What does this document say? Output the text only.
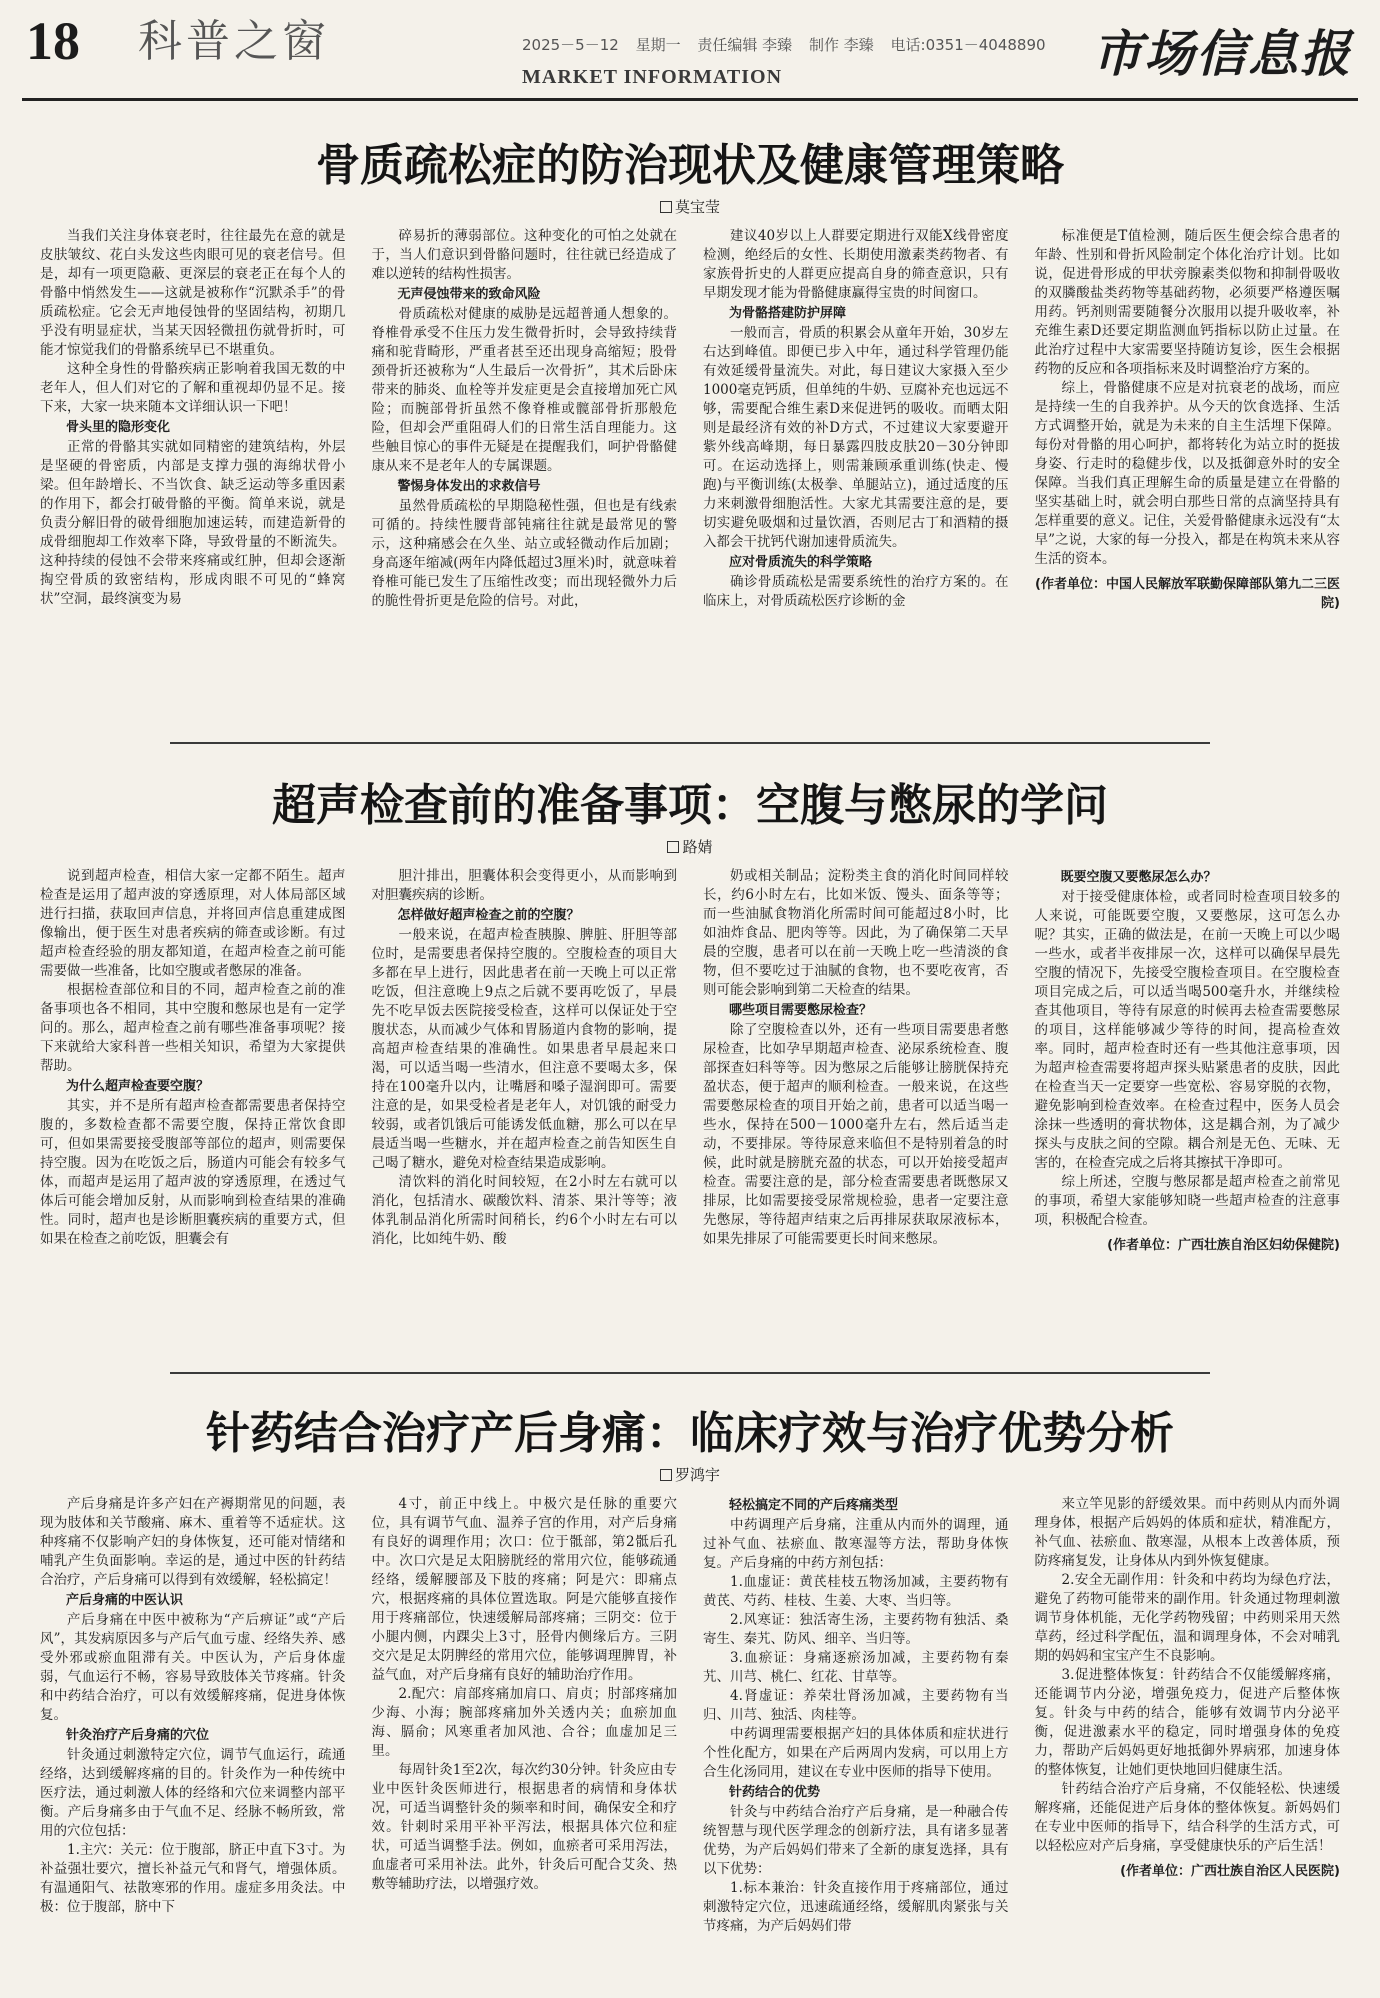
18 科普之窗	2025－5－12 星期一 责任编辑 李臻 制作 李臻 电话:0351－4048890
MARKET INFORMATION	市场信息报
骨质疏松症的防治现状及健康管理策略
莫宝莹

当我们关注身体衰老时，往往最先在意的就是皮肤皱纹、花白头发这些肉眼可见的衰老信号。但是，却有一项更隐蔽、更深层的衰老正在每个人的骨骼中悄然发生——这就是被称作“沉默杀手”的骨质疏松症。它会无声地侵蚀骨的坚固结构，初期几乎没有明显症状，当某天因轻微扭伤就骨折时，可能才惊觉我们的骨骼系统早已不堪重负。

这种全身性的骨骼疾病正影响着我国无数的中老年人，但人们对它的了解和重视却仍显不足。接下来，大家一块来随本文详细认识一下吧！

骨头里的隐形变化

正常的骨骼其实就如同精密的建筑结构，外层是坚硬的骨密质，内部是支撑力强的海绵状骨小梁。但年龄增长、不当饮食、缺乏运动等多重因素的作用下，都会打破骨骼的平衡。简单来说，就是负责分解旧骨的破骨细胞加速运转，而建造新骨的成骨细胞却工作效率下降，导致骨量的不断流失。这种持续的侵蚀不会带来疼痛或红肿，但却会逐渐掏空骨质的致密结构，形成肉眼不可见的“蜂窝状”空洞，最终演变为易

碎易折的薄弱部位。这种变化的可怕之处就在于，当人们意识到骨骼问题时，往往就已经造成了难以逆转的结构性损害。

无声侵蚀带来的致命风险

骨质疏松对健康的威胁是远超普通人想象的。脊椎骨承受不住压力发生微骨折时，会导致持续背痛和驼背畸形，严重者甚至还出现身高缩短；股骨颈骨折还被称为“人生最后一次骨折”，其术后卧床带来的肺炎、血栓等并发症更是会直接增加死亡风险；而腕部骨折虽然不像脊椎或髋部骨折那般危险，但却会严重阻碍人们的日常生活自理能力。这些触目惊心的事件无疑是在提醒我们，呵护骨骼健康从来不是老年人的专属课题。

警惕身体发出的求救信号

虽然骨质疏松的早期隐秘性强，但也是有线索可循的。持续性腰背部钝痛往往就是最常见的警示，这种痛感会在久坐、站立或轻微动作后加剧；身高逐年缩减(两年内降低超过3厘米)时，就意味着脊椎可能已发生了压缩性改变；而出现轻微外力后的脆性骨折更是危险的信号。对此，

建议40岁以上人群要定期进行双能X线骨密度检测，绝经后的女性、长期使用激素类药物者、有家族骨折史的人群更应提高自身的筛查意识，只有早期发现才能为骨骼健康赢得宝贵的时间窗口。

为骨骼搭建防护屏障

一般而言，骨质的积累会从童年开始，30岁左右达到峰值。即便已步入中年，通过科学管理仍能有效延缓骨量流失。对此，每日建议大家摄入至少1000毫克钙质，但单纯的牛奶、豆腐补充也远远不够，需要配合维生素D来促进钙的吸收。而晒太阳则是最经济有效的补D方式，不过建议大家要避开紫外线高峰期，每日暴露四肢皮肤20－30分钟即可。在运动选择上，则需兼顾承重训练(快走、慢跑)与平衡训练(太极拳、单腿站立)，通过适度的压力来刺激骨细胞活性。大家尤其需要注意的是，要切实避免吸烟和过量饮酒，否则尼古丁和酒精的摄入都会干扰钙代谢加速骨质流失。

应对骨质流失的科学策略

确诊骨质疏松是需要系统性的治疗方案的。在临床上，对骨质疏松医疗诊断的金

标准便是T值检测，随后医生便会综合患者的年龄、性别和骨折风险制定个体化治疗计划。比如说，促进骨形成的甲状旁腺素类似物和抑制骨吸收的双膦酸盐类药物等基础药物，必须要严格遵医嘱用药。钙剂则需要随餐分次服用以提升吸收率，补充维生素D还要定期监测血钙指标以防止过量。在此治疗过程中大家需要坚持随访复诊，医生会根据药物的反应和各项指标来及时调整治疗方案的。

综上，骨骼健康不应是对抗衰老的战场，而应是持续一生的自我养护。从今天的饮食选择、生活方式调整开始，就是为未来的自主生活埋下保障。每份对骨骼的用心呵护，都将转化为站立时的挺拔身姿、行走时的稳健步伐，以及抵御意外时的安全保障。当我们真正理解生命的质量是建立在骨骼的坚实基础上时，就会明白那些日常的点滴坚持具有怎样重要的意义。记住，关爱骨骼健康永远没有“太早”之说，大家的每一分投入，都是在构筑未来从容生活的资本。

(作者单位：中国人民解放军联勤保障部队第九二三医院)

超声检查前的准备事项：空腹与憋尿的学问
路婧

说到超声检查，相信大家一定都不陌生。超声检查是运用了超声波的穿透原理，对人体局部区域进行扫描，获取回声信息，并将回声信息重建成图像输出，便于医生对患者疾病的筛查或诊断。有过超声检查经验的朋友都知道，在超声检查之前可能需要做一些准备，比如空腹或者憋尿的准备。

根据检查部位和目的不同，超声检查之前的准备事项也各不相同，其中空腹和憋尿也是有一定学问的。那么，超声检查之前有哪些准备事项呢？接下来就给大家科普一些相关知识，希望为大家提供帮助。

为什么超声检查要空腹？

其实，并不是所有超声检查都需要患者保持空腹的，多数检查都不需要空腹，保持正常饮食即可，但如果需要接受腹部等部位的超声，则需要保持空腹。因为在吃饭之后，肠道内可能会有较多气体，而超声是运用了超声波的穿透原理，在透过气体后可能会增加反射，从而影响到检查结果的准确性。同时，超声也是诊断胆囊疾病的重要方式，但如果在检查之前吃饭，胆囊会有

胆汁排出，胆囊体积会变得更小，从而影响到对胆囊疾病的诊断。

怎样做好超声检查之前的空腹？

一般来说，在超声检查胰腺、脾脏、肝胆等部位时，是需要患者保持空腹的。空腹检查的项目大多都在早上进行，因此患者在前一天晚上可以正常吃饭，但注意晚上9点之后就不要再吃饭了，早晨先不吃早饭去医院接受检查，这样可以保证处于空腹状态，从而减少气体和胃肠道内食物的影响，提高超声检查结果的准确性。如果患者早晨起来口渴，可以适当喝一些清水，但注意不要喝太多，保持在100毫升以内，让嘴唇和嗓子湿润即可。需要注意的是，如果受检者是老年人，对饥饿的耐受力较弱，或者饥饿后可能诱发低血糖，那么可以在早晨适当喝一些糖水，并在超声检查之前告知医生自己喝了糖水，避免对检查结果造成影响。

清饮料的消化时间较短，在2小时左右就可以消化，包括清水、碳酸饮料、清茶、果汁等等；液体乳制品消化所需时间稍长，约6个小时左右可以消化，比如纯牛奶、酸

奶或相关制品；淀粉类主食的消化时间同样较长，约6小时左右，比如米饭、馒头、面条等等；而一些油腻食物消化所需时间可能超过8小时，比如油炸食品、肥肉等等。因此，为了确保第二天早晨的空腹，患者可以在前一天晚上吃一些清淡的食物，但不要吃过于油腻的食物，也不要吃夜宵，否则可能会影响到第二天检查的结果。

哪些项目需要憋尿检查？

除了空腹检查以外，还有一些项目需要患者憋尿检查，比如孕早期超声检查、泌尿系统检查、腹部探查妇科等等。因为憋尿之后能够让膀胱保持充盈状态，便于超声的顺利检查。一般来说，在这些需要憋尿检查的项目开始之前，患者可以适当喝一些水，保持在500－1000毫升左右，然后适当走动，不要排尿。等待尿意来临但不是特别着急的时候，此时就是膀胱充盈的状态，可以开始接受超声检查。需要注意的是，部分检查需要患者既憋尿又排尿，比如需要接受尿常规检验，患者一定要注意先憋尿，等待超声结束之后再排尿获取尿液标本，如果先排尿了可能需要更长时间来憋尿。

既要空腹又要憋尿怎么办？

对于接受健康体检，或者同时检查项目较多的人来说，可能既要空腹，又要憋尿，这可怎么办呢？其实，正确的做法是，在前一天晚上可以少喝一些水，或者半夜排尿一次，这样可以确保早晨先空腹的情况下，先接受空腹检查项目。在空腹检查项目完成之后，可以适当喝500毫升水，并继续检查其他项目，等待有尿意的时候再去检查需要憋尿的项目，这样能够减少等待的时间，提高检查效率。同时，超声检查时还有一些其他注意事项，因为超声检查需要将超声探头贴紧患者的皮肤，因此在检查当天一定要穿一些宽松、容易穿脱的衣物，避免影响到检查效率。在检查过程中，医务人员会涂抹一些透明的膏状物体，这是耦合剂，为了减少探头与皮肤之间的空隙。耦合剂是无色、无味、无害的，在检查完成之后将其擦拭干净即可。

综上所述，空腹与憋尿都是超声检查之前常见的事项，希望大家能够知晓一些超声检查的注意事项，积极配合检查。

(作者单位：广西壮族自治区妇幼保健院)

针药结合治疗产后身痛：临床疗效与治疗优势分析
罗鸿宇

产后身痛是许多产妇在产褥期常见的问题，表现为肢体和关节酸痛、麻木、重着等不适症状。这种疼痛不仅影响产妇的身体恢复，还可能对情绪和哺乳产生负面影响。幸运的是，通过中医的针药结合治疗，产后身痛可以得到有效缓解，轻松搞定！

产后身痛的中医认识

产后身痛在中医中被称为“产后痹证”或“产后风”，其发病原因多与产后气血亏虚、经络失养、感受外邪或瘀血阻滞有关。中医认为，产后身体虚弱，气血运行不畅，容易导致肢体关节疼痛。针灸和中药结合治疗，可以有效缓解疼痛，促进身体恢复。

针灸治疗产后身痛的穴位

针灸通过刺激特定穴位，调节气血运行，疏通经络，达到缓解疼痛的目的。针灸作为一种传统中医疗法，通过刺激人体的经络和穴位来调整内部平衡。产后身痛多由于气血不足、经脉不畅所致，常用的穴位包括：

1.主穴：关元：位于腹部，脐正中直下3寸。为补益强壮要穴，擅长补益元气和肾气，增强体质。有温通阳气、祛散寒邪的作用。虚症多用灸法。中极：位于腹部，脐中下

4寸，前正中线上。中极穴是任脉的重要穴位，具有调节气血、温养子宫的作用，对产后身痛有良好的调理作用；次口：位于骶部，第2骶后孔中。次口穴是足太阳膀胱经的常用穴位，能够疏通经络，缓解腰部及下肢的疼痛；阿是穴：即痛点穴，根据疼痛的具体位置选取。阿是穴能够直接作用于疼痛部位，快速缓解局部疼痛；三阴交：位于小腿内侧，内踝尖上3寸，胫骨内侧缘后方。三阴交穴是足太阴脾经的常用穴位，能够调理脾胃，补益气血，对产后身痛有良好的辅助治疗作用。

2.配穴：肩部疼痛加肩口、肩贞；肘部疼痛加少海、小海；腕部疼痛加外关透内关；血瘀加血海、膈俞；风寒重者加风池、合谷；血虚加足三里。

每周针灸1至2次，每次约30分钟。针灸应由专业中医针灸医师进行，根据患者的病情和身体状况，可适当调整针灸的频率和时间，确保安全和疗效。针刺时采用平补平泻法，根据具体穴位和症状，可适当调整手法。例如，血瘀者可采用泻法，血虚者可采用补法。此外，针灸后可配合艾灸、热敷等辅助疗法，以增强疗效。

轻松搞定不同的产后疼痛类型

中药调理产后身痛，注重从内而外的调理，通过补气血、祛瘀血、散寒湿等方法，帮助身体恢复。产后身痛的中药方剂包括：

1.血虚证：黄芪桂枝五物汤加减，主要药物有黄芪、芍药、桂枝、生姜、大枣、当归等。

2.风寒证：独活寄生汤，主要药物有独活、桑寄生、秦艽、防风、细辛、当归等。

3.血瘀证：身痛逐瘀汤加减，主要药物有秦艽、川芎、桃仁、红花、甘草等。

4.肾虚证：养荣壮肾汤加减，主要药物有当归、川芎、独活、肉桂等。

中药调理需要根据产妇的具体体质和症状进行个性化配方，如果在产后两周内发病，可以用上方合生化汤同用，建议在专业中医师的指导下使用。

针药结合的优势

针灸与中药结合治疗产后身痛，是一种融合传统智慧与现代医学理念的创新疗法，具有诸多显著优势，为产后妈妈们带来了全新的康复选择，具有以下优势：

1.标本兼治：针灸直接作用于疼痛部位，通过刺激特定穴位，迅速疏通经络，缓解肌肉紧张与关节疼痛，为产后妈妈们带

来立竿见影的舒缓效果。而中药则从内而外调理身体，根据产后妈妈的体质和症状，精准配方，补气血、祛瘀血、散寒湿，从根本上改善体质，预防疼痛复发，让身体从内到外恢复健康。

2.安全无副作用：针灸和中药均为绿色疗法，避免了药物可能带来的副作用。针灸通过物理刺激调节身体机能，无化学药物残留；中药则采用天然草药，经过科学配伍，温和调理身体，不会对哺乳期的妈妈和宝宝产生不良影响。

3.促进整体恢复：针药结合不仅能缓解疼痛，还能调节内分泌，增强免疫力，促进产后整体恢复。针灸与中药的结合，能够有效调节内分泌平衡，促进激素水平的稳定，同时增强身体的免疫力，帮助产后妈妈更好地抵御外界病邪，加速身体的整体恢复，让她们更快地回归健康生活。

针药结合治疗产后身痛，不仅能轻松、快速缓解疼痛，还能促进产后身体的整体恢复。新妈妈们在专业中医师的指导下，结合科学的生活方式，可以轻松应对产后身痛，享受健康快乐的产后生活！

(作者单位：广西壮族自治区人民医院)
